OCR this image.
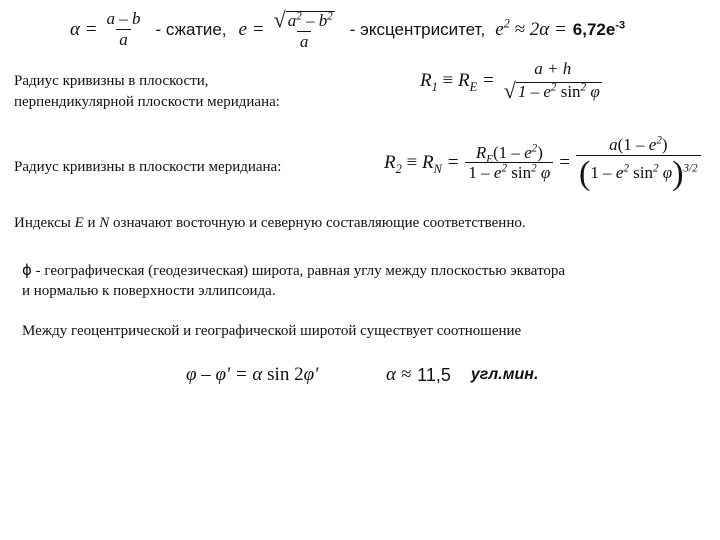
$\alpha = \frac{a - b}{a}$ - сжатие, $e = \frac{√ a^2 - b^2}{a}$ - эксцентриситет, $e^2 \approx 2\alpha = 6,72е^{-3}$
Радиус кривизны в плоскости,
перпендикулярной плоскости меридиана:
$R_1 \equiv R_E$ =
a + h
√ $1 - e^2$ $\sin^2 \varphi$
Радиус кривизны в плоскости меридиана:	$R_2 \equiv R_N = \frac{R_E(1 - e^2)}{1 - e^2 \sin^2 \varphi} = \frac{a(1 - e^2)}{(1 - e^2 \sin^2 \varphi)^{3/2}}$
Индексы E и N означают восточную и северную составляющие соответственно.
ϕ - географическая (геодезическая) широта, равная углу между плоскостью экватора
и нормалью к поверхности эллипсоида.
Между геоцентрической и географической широтой существует соотношение
φ – φ' = α sin 2φ'	α ≈ 11,5 угл.мин.
